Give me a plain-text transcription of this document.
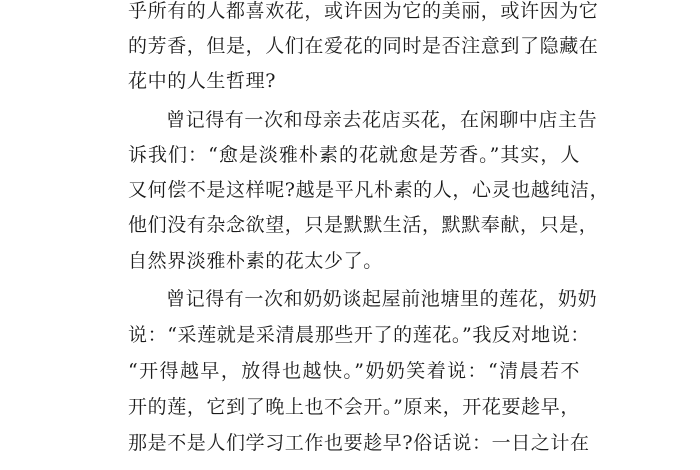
乎所有的人都喜欢花，或许因为它的美丽，或许因为它
的芳香，但是，人们在爱花的同时是否注意到了隐藏在
花中的人生哲理?
曾记得有一次和母亲去花店买花，在闲聊中店主告
诉我们：“愈是淡雅朴素的花就愈是芳香。”其实，人
又何偿不是这样呢?越是平凡朴素的人，心灵也越纯洁，
他们没有杂念欲望，只是默默生活，默默奉献，只是，
自然界淡雅朴素的花太少了。
曾记得有一次和奶奶谈起屋前池塘里的莲花，奶奶
说：“采莲就是采清晨那些开了的莲花。”我反对地说：
“开得越早，放得也越快。”奶奶笑着说：“清晨若不
开的莲，它到了晚上也不会开。”原来，开花要趁早，
那是不是人们学习工作也要趁早?俗话说：一日之计在
